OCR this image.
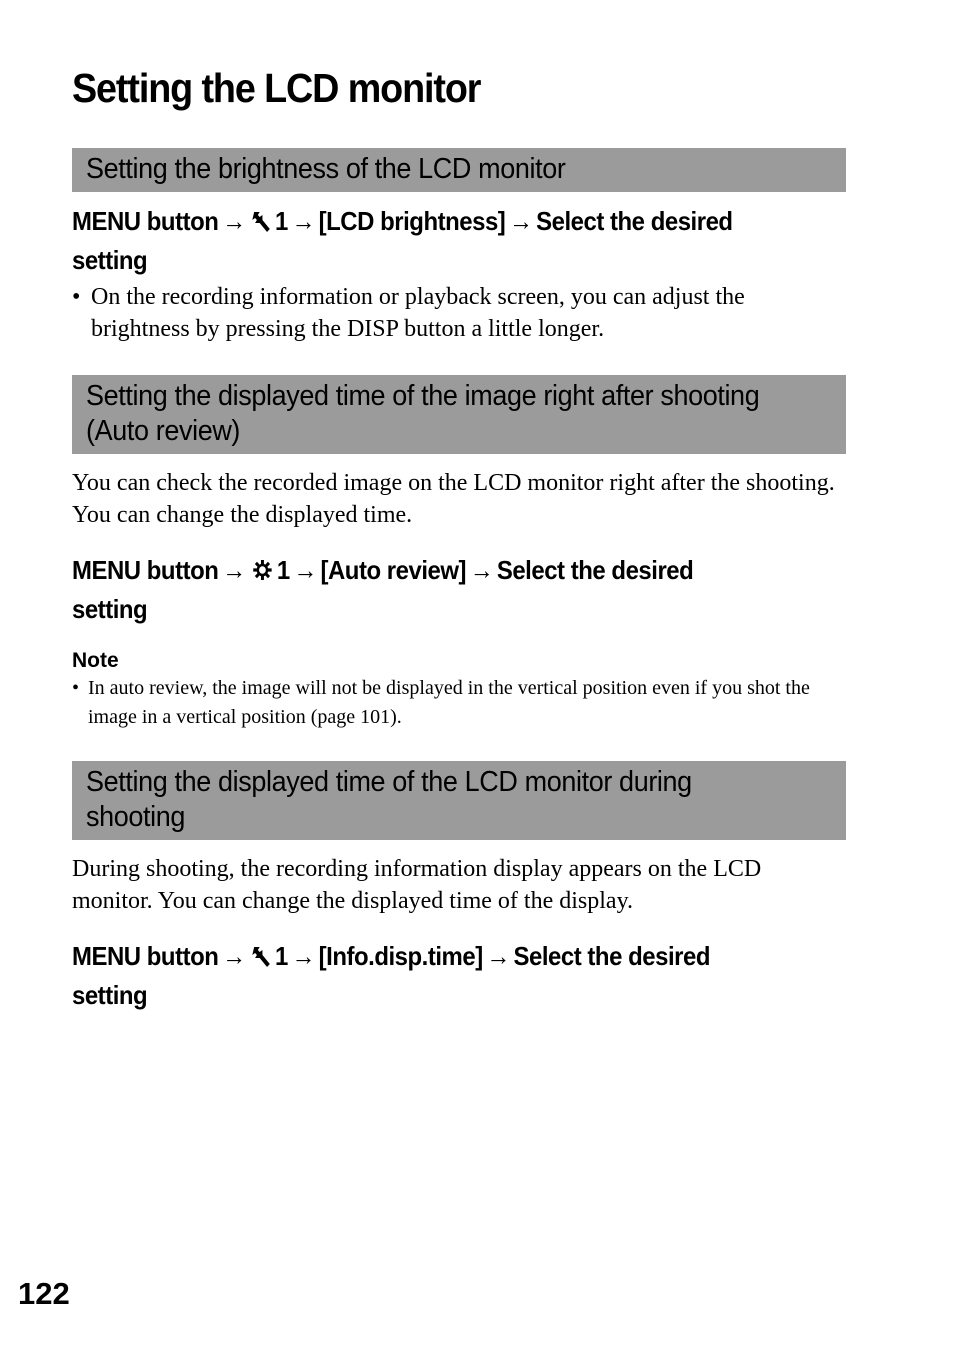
Setting the LCD monitor
Setting the brightness of the LCD monitor

MENU button → 1 → [LCD brightness] → Select the desired
setting

• On the recording information or playback screen, you can adjust the brightness by pressing the DISP button a little longer.

Setting the displayed time of the image right after shooting
(Auto review)

You can check the recorded image on the LCD monitor right after the shooting. You can change the displayed time.

MENU button → 1 → [Auto review] → Select the desired
setting

Note

• In auto review, the image will not be displayed in the vertical position even if you shot the image in a vertical position (page 101).

Setting the displayed time of the LCD monitor during
shooting

During shooting, the recording information display appears on the LCD monitor. You can change the displayed time of the display.

MENU button → 1 → [Info.disp.time] → Select the desired
setting

122
